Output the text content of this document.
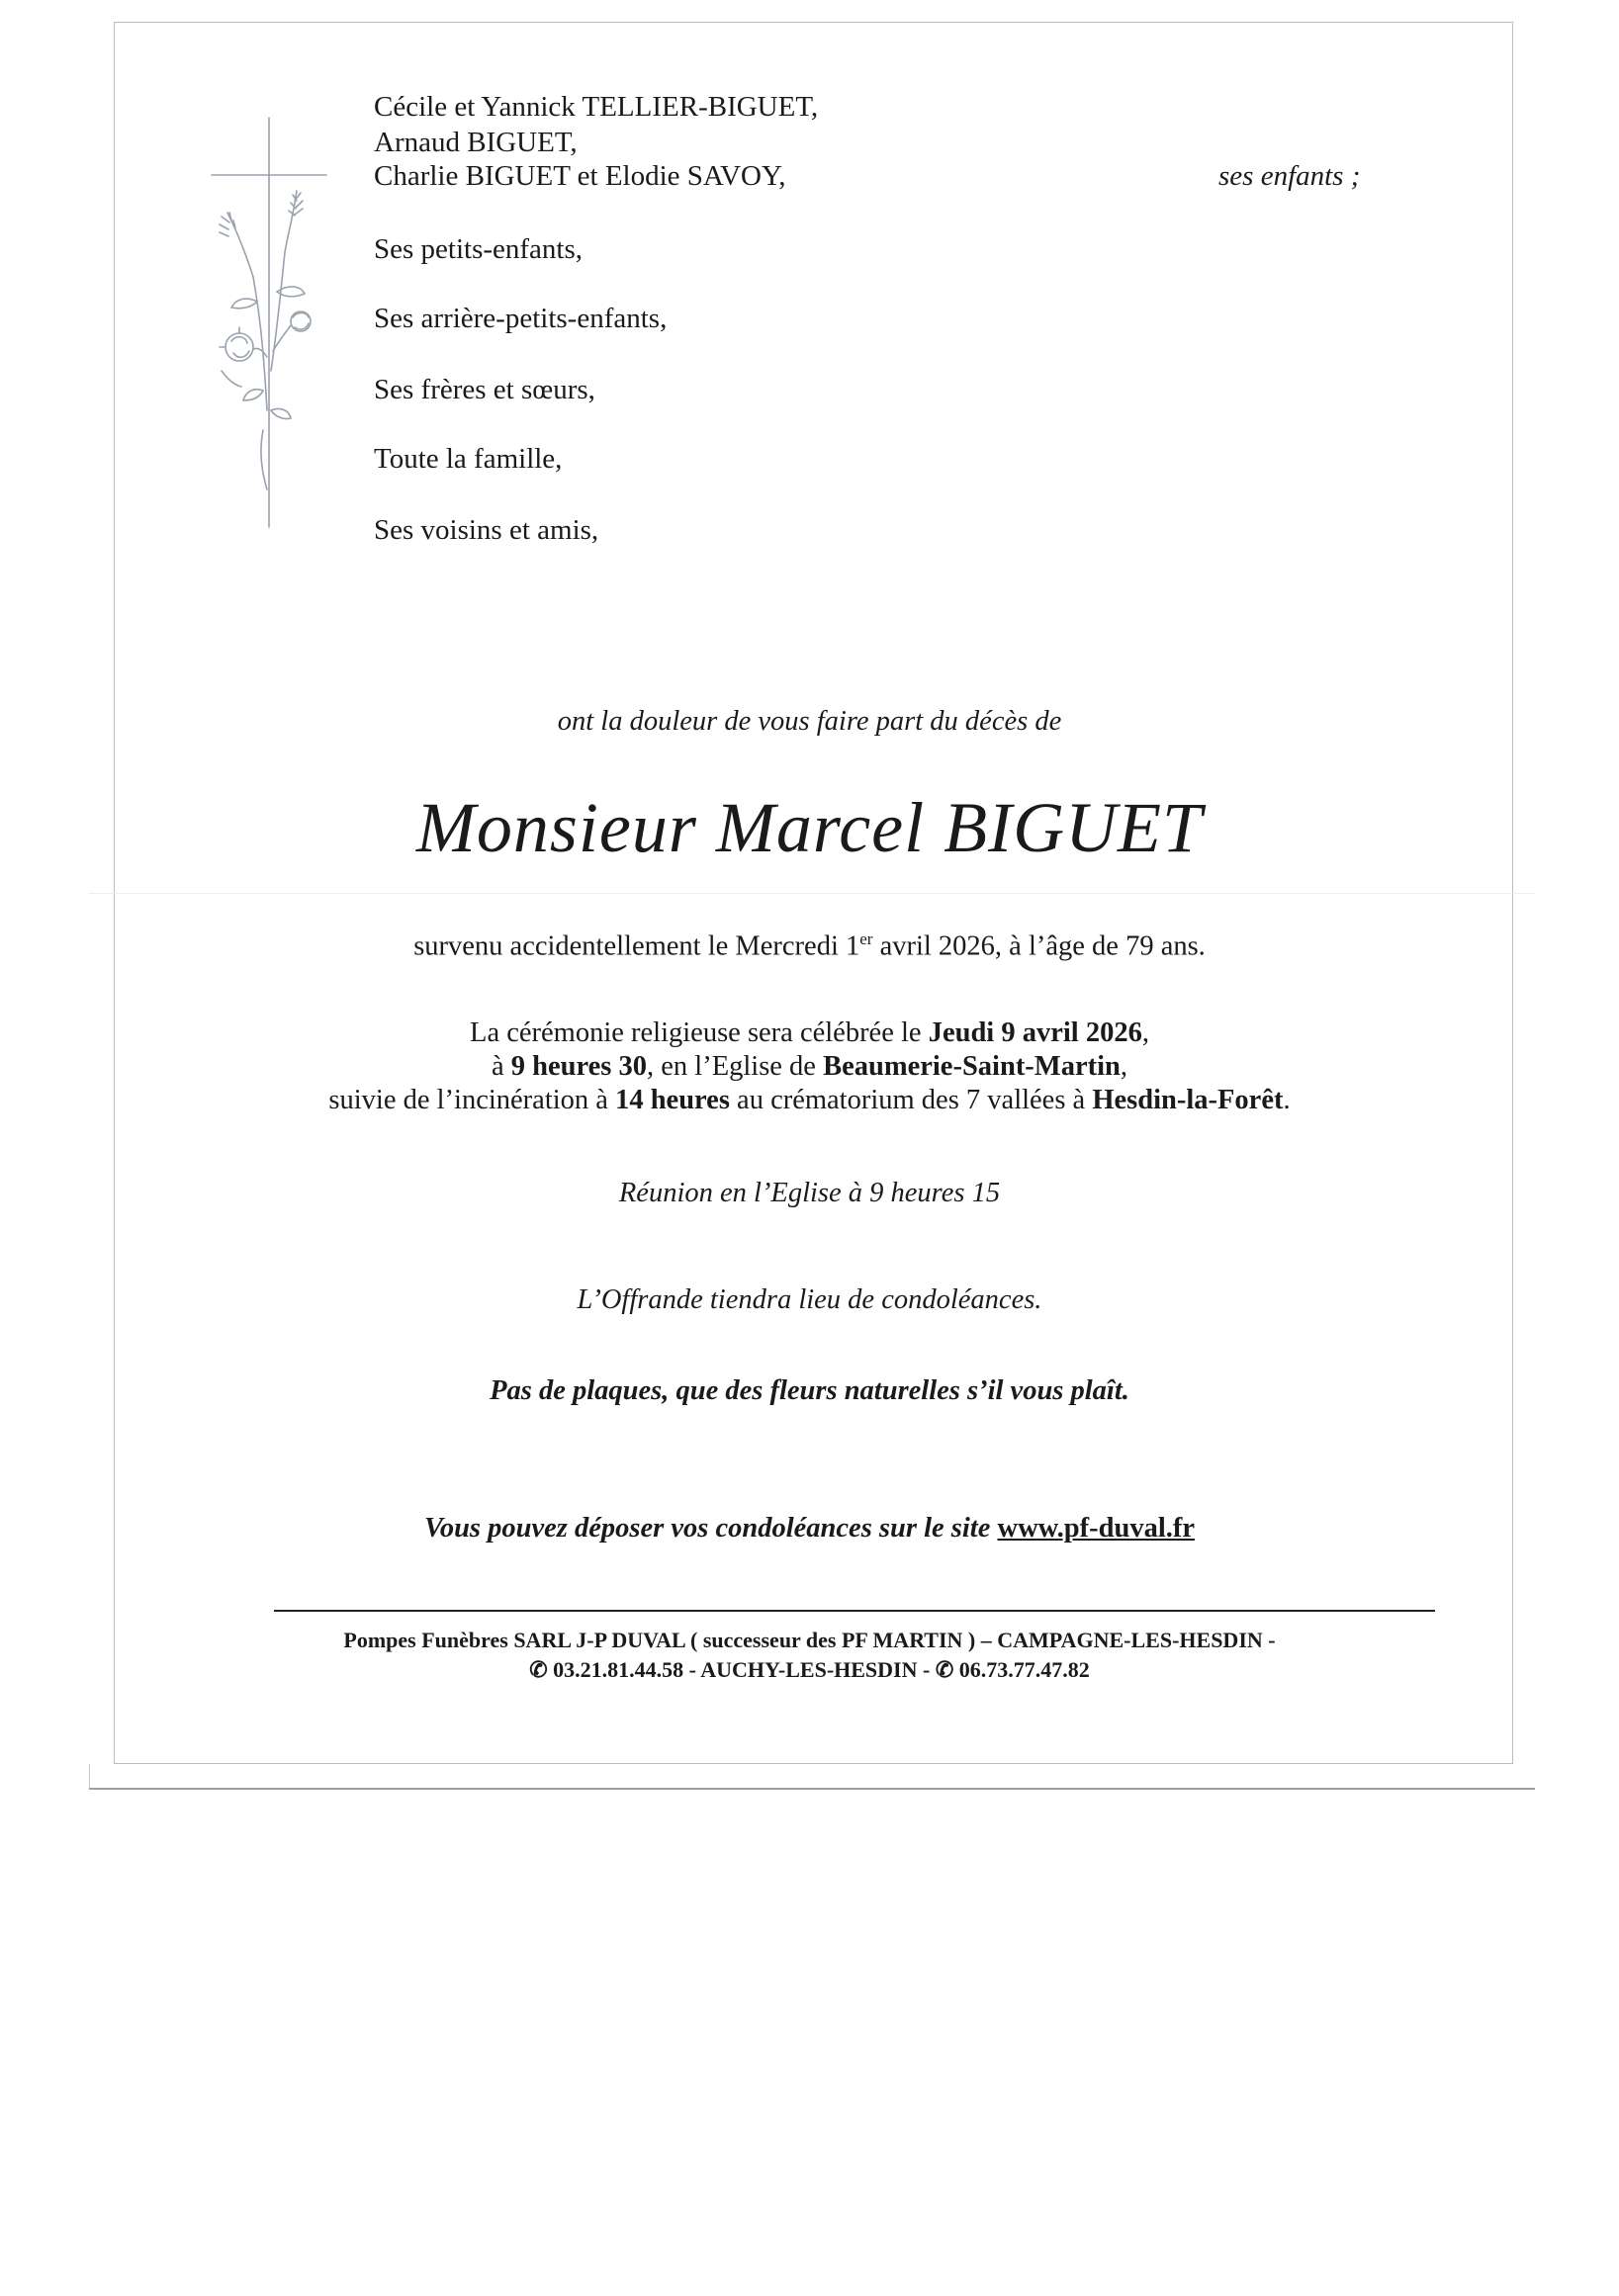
Cécile et Yannick TELLIER-BIGUET,

Arnaud BIGUET,

Charlie BIGUET et Elodie SAVOY,	ses enfants ;

Ses petits-enfants,

Ses arrière-petits-enfants,

Ses frères et sœurs,

Toute la famille,

Ses voisins et amis,

ont la douleur de vous faire part du décès de

Monsieur Marcel BIGUET

survenu accidentellement le Mercredi 1er avril 2026, à l’âge de 79 ans.

La cérémonie religieuse sera célébrée le Jeudi 9 avril 2026,

à 9 heures 30, en l’Eglise de Beaumerie-Saint-Martin,

suivie de l’incinération à 14 heures au crématorium des 7 vallées à Hesdin-la-Forêt.

Réunion en l’Eglise à 9 heures 15

L’Offrande tiendra lieu de condoléances.

Pas de plaques, que des fleurs naturelles s’il vous plaît.

Vous pouvez déposer vos condoléances sur le site www.pf-duval.fr

Pompes Funèbres SARL J-P DUVAL ( successeur des PF MARTIN ) – CAMPAGNE-LES-HESDIN -

✆ 03.21.81.44.58 - AUCHY-LES-HESDIN - ✆ 06.73.77.47.82
